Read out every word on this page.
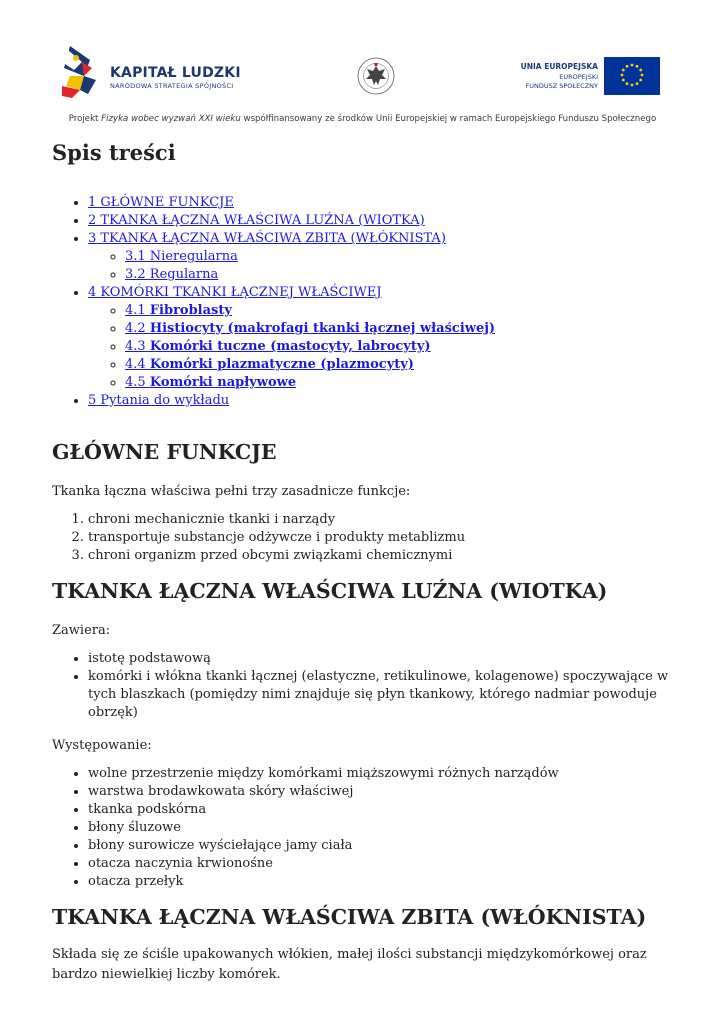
KAPITAŁ LUDZKI
NARODOWA STRATEGIA SPÓJNOŚCI
UNIA EUROPEJSKA
EUROPEJSKI
FUNDUSZ SPOŁECZNY
Projekt Fizyka wobec wyzwań XXI wieku współfinansowany ze środków Unii Europejskiej w ramach Europejskiego Funduszu Społecznego
Spis treści
• 1 GŁÓWNE FUNKCJE
• 2 TKANKA ŁĄCZNA WŁAŚCIWA LUŹNA (WIOTKA)
• 3 TKANKA ŁĄCZNA WŁAŚCIWA ZBITA (WŁÓKNISTA)
◦ 3.1 Nieregularna
◦ 3.2 Regularna
• 4 KOMÓRKI TKANKI ŁĄCZNEJ WŁAŚCIWEJ
◦ 4.1 Fibroblasty
◦ 4.2 Histiocyty (makrofagi tkanki łącznej właściwej)
◦ 4.3 Komórki tuczne (mastocyty, labrocyty)
◦ 4.4 Komórki plazmatyczne (plazmocyty)
◦ 4.5 Komórki napływowe
• 5 Pytania do wykładu
GŁÓWNE FUNKCJE

Tkanka łączna właściwa pełni trzy zasadnicze funkcje:

1. chroni mechanicznie tkanki i narządy
2. transportuje substancje odżywcze i produkty metablizmu
3. chroni organizm przed obcymi związkami chemicznymi
TKANKA ŁĄCZNA WŁAŚCIWA LUŹNA (WIOTKA)

Zawiera:

• istotę podstawową
• komórki i włókna tkanki łącznej (elastyczne, retikulinowe, kolagenowe) spoczywające w tych blaszkach (pomiędzy nimi znajduje się płyn tkankowy, którego nadmiar powoduje obrzęk)

Występowanie:

• wolne przestrzenie między komórkami miąższowymi różnych narządów
• warstwa brodawkowata skóry właściwej
• tkanka podskórna
• błony śluzowe
• błony surowicze wyściełające jamy ciała
• otacza naczynia krwionośne
• otacza przełyk
TKANKA ŁĄCZNA WŁAŚCIWA ZBITA (WŁÓKNISTA)

Składa się ze ściśle upakowanych włókien, małej ilości substancji międzykomórkowej oraz bardzo niewielkiej liczby komórek.
